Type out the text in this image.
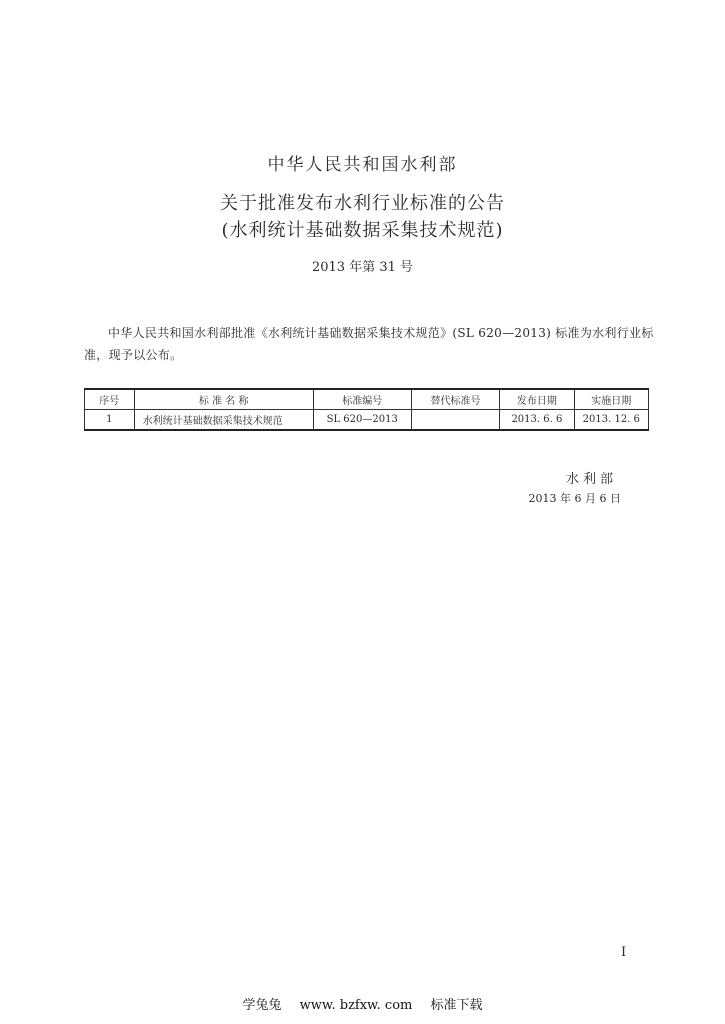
中华人民共和国水利部
关于批准发布水利行业标准的公告
(水利统计基础数据采集技术规范)
2013 年第 31 号

中华人民共和国水利部批准《水利统计基础数据采集技术规范》(SL 620—2013) 标准为水利行业标准，现予以公布。

序号	标 准 名 称	标准编号	替代标准号	发布日期	实施日期
1	水利统计基础数据采集技术规范	SL 620—2013		2013. 6. 6	2013. 12. 6
水利部
2013 年 6 月 6 日
I
学兔兔 www. bzfxw. com 标准下载
